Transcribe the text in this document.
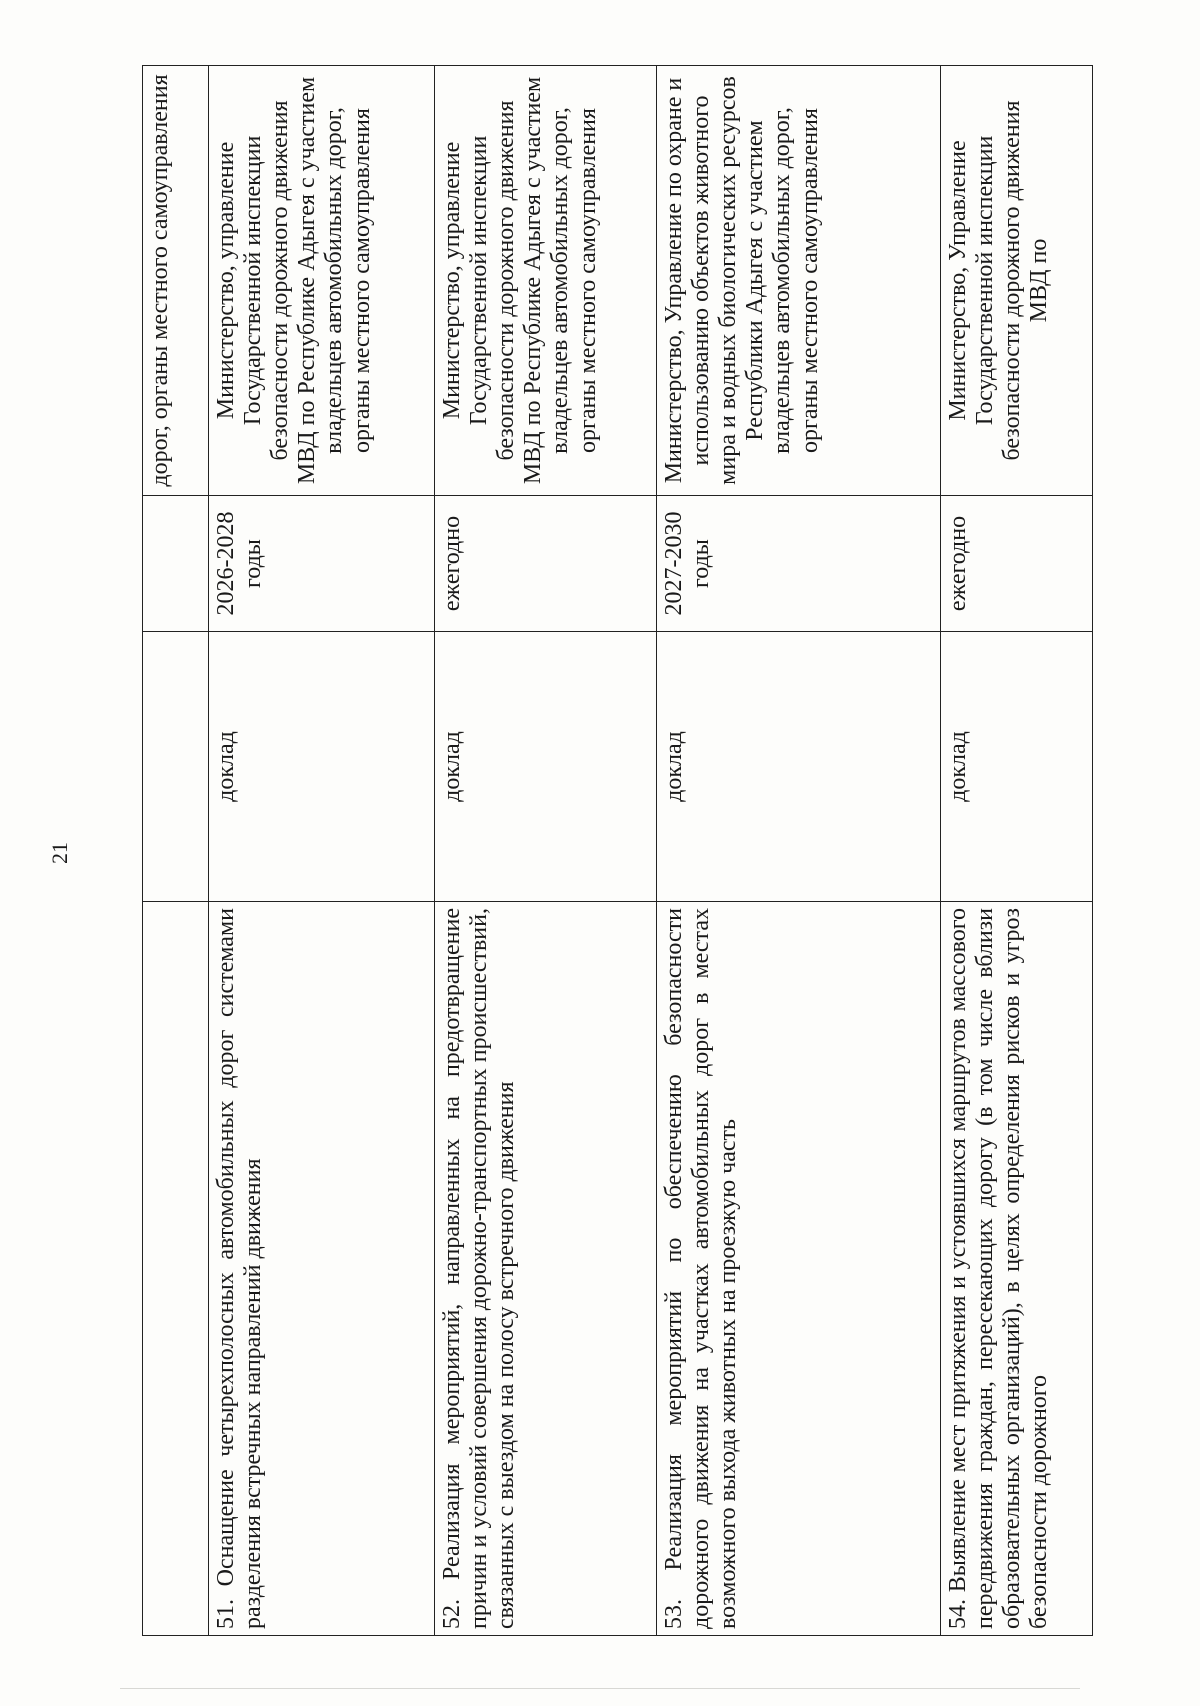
21
			дорог, органы местного самоуправления
51. Оснащение четырехполосных автомобильных дорог системами разделения встречных направлений движения	доклад	2026-2028 годы	Министерство, управление Государственной инспекции безопасности дорожного движения МВД по Республике Адыгея с участием владельцев автомобильных дорог, органы местного самоуправления
52. Реализация мероприятий, направленных на предотвращение причин и условий совершения дорожно-транспортных происшествий, связанных с выездом на полосу встречного движения	доклад	ежегодно	Министерство, управление Государственной инспекции безопасности дорожного движения МВД по Республике Адыгея с участием владельцев автомобильных дорог, органы местного самоуправления
53. Реализация мероприятий по обеспечению безопасности дорожного движения на участках автомобильных дорог в местах возможного выхода животных на проезжую часть	доклад	2027-2030 годы	Министерство, Управление по охране и использованию объектов животного мира и водных биологических ресурсов Республики Адыгея с участием владельцев автомобильных дорог, органы местного самоуправления
54. Выявление мест притяжения и устоявшихся маршрутов массового передвижения граждан, пересекающих дорогу (в том числе вблизи образовательных организаций), в целях определения рисков и угроз безопасности дорожного	доклад	ежегодно	Министерство, Управление Государственной инспекции безопасности дорожного движения МВД по
